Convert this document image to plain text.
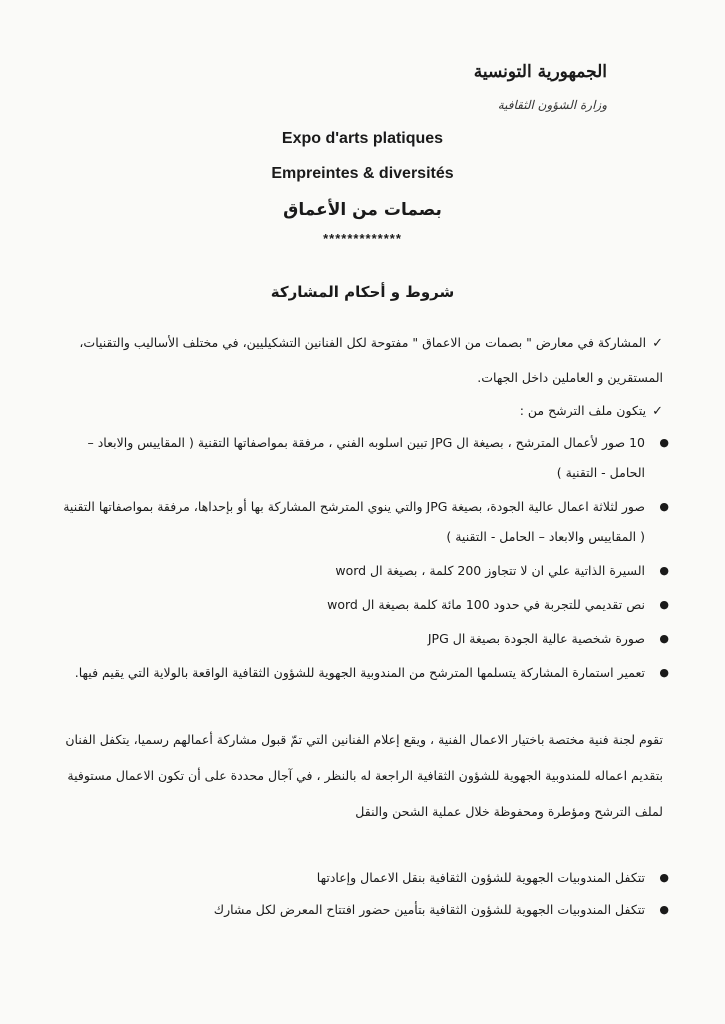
الجمهورية التونسية
وزارة الشؤون الثقافية
Expo d'arts platiques
Empreintes & diversités
بصمات من الأعماق
*************
شروط و أحكام المشاركة
✓المشاركة في معارض " بصمات من الاعماق " مفتوحة لكل الفنانين التشكيليين، في مختلف الأساليب والتقنيات، المستقرين و العاملين داخل الجهات.
✓يتكون ملف الترشح من :
●
10 صور لأعمال المترشح ، بصيغة ال JPG تبين اسلوبه الفني ، مرفقة بمواصفاتها التقنية ( المقاييس والابعاد – الحامل - التقنية )
●
صور لثلاثة اعمال عالية الجودة، بصيغة JPG والتي ينوي المترشح المشاركة بها أو بإحداها، مرفقة بمواصفاتها التقنية ( المقاييس والابعاد – الحامل - التقنية )
●
السيرة الذاتية علي ان لا تتجاوز 200 كلمة ، بصيغة ال word
●
نص تقديمي للتجربة في حدود 100 مائة كلمة بصيغة ال word
●
صورة شخصية عالية الجودة بصيغة ال JPG
●
تعمير استمارة المشاركة يتسلمها المترشح من المندوبية الجهوية للشؤون الثقافية الواقعة بالولاية التي يقيم فيها.
تقوم لجنة فنية مختصة باختيار الاعمال الفنية ، ويقع إعلام الفنانين التي تمّ قبول مشاركة أعمالهم رسميا، يتكفل الفنان بتقديم اعماله للمندوبية الجهوية للشؤون الثقافية الراجعة له بالنظر ، في آجال محددة على أن تكون الاعمال مستوفية لملف الترشح ومؤطرة ومحفوظة خلال عملية الشحن والنقل
●
تتكفل المندوبيات الجهوية للشؤون الثقافية بنقل الاعمال وإعادتها
●
تتكفل المندوبيات الجهوية للشؤون الثقافية بتأمين حضور افتتاح المعرض لكل مشارك
